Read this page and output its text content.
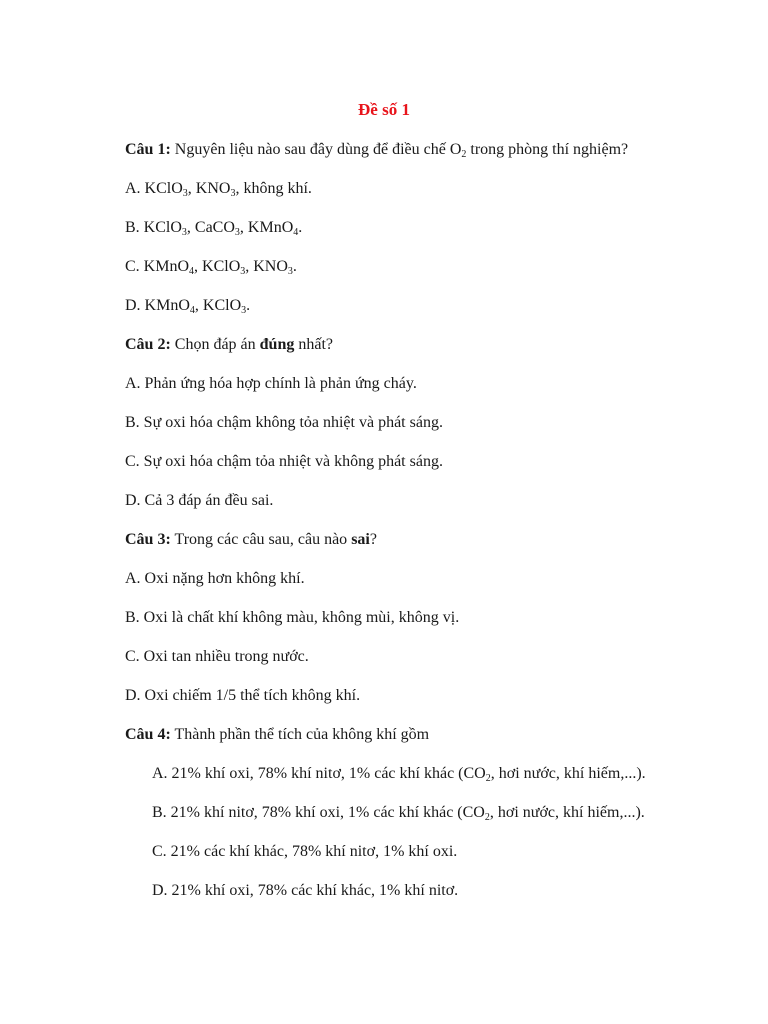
Đề số 1
Câu 1: Nguyên liệu nào sau đây dùng để điều chế $O_2$ trong phòng thí nghiệm?
A. KClO$_3$, $KNO_3$, không khí.
B. KClO$_3$, CaCO$_3$, KMnO$_4$.
C. KMnO$_4$, KClO$_3$, $KNO_3$.
D. KMnO$_4$, KClO$_3$.
Câu 2: Chọn đáp án đúng nhất?
A. Phản ứng hóa hợp chính là phản ứng cháy.
B. Sự oxi hóa chậm không tỏa nhiệt và phát sáng.
C. Sự oxi hóa chậm tỏa nhiệt và không phát sáng.
D. Cả 3 đáp án đều sai.
Câu 3: Trong các câu sau, câu nào sai?
A. Oxi nặng hơn không khí.
B. Oxi là chất khí không màu, không mùi, không vị.
C. Oxi tan nhiều trong nước.
D. Oxi chiếm 1/5 thể tích không khí.
Câu 4: Thành phần thể tích của không khí gồm
A. 21% khí oxi, 78% khí nitơ, 1% các khí khác ($CO_2$, hơi nước, khí hiếm,...).
B. 21% khí nitơ, 78% khí oxi, 1% các khí khác ($CO_2$, hơi nước, khí hiếm,...).
C. 21% các khí khác, 78% khí nitơ, 1% khí oxi.
D. 21% khí oxi, 78% các khí khác, 1% khí nitơ.
